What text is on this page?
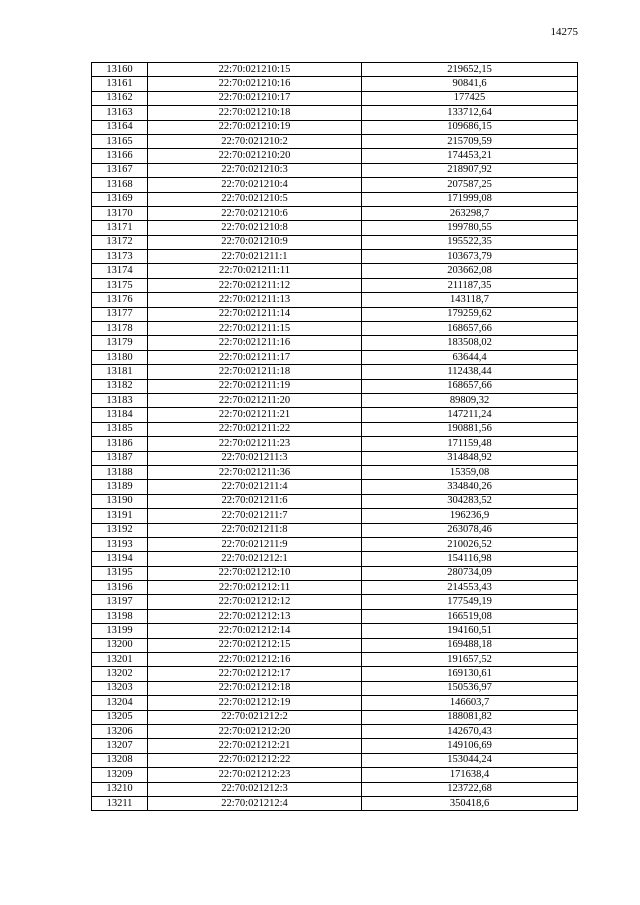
14275
13160	22:70:021210:15	219652,15
13161	22:70:021210:16	90841,6
13162	22:70:021210:17	177425
13163	22:70:021210:18	133712,64
13164	22:70:021210:19	109686,15
13165	22:70:021210:2	215709,59
13166	22:70:021210:20	174453,21
13167	22:70:021210:3	218907,92
13168	22:70:021210:4	207587,25
13169	22:70:021210:5	171999,08
13170	22:70:021210:6	263298,7
13171	22:70:021210:8	199780,55
13172	22:70:021210:9	195522,35
13173	22:70:021211:1	103673,79
13174	22:70:021211:11	203662,08
13175	22:70:021211:12	211187,35
13176	22:70:021211:13	143118,7
13177	22:70:021211:14	179259,62
13178	22:70:021211:15	168657,66
13179	22:70:021211:16	183508,02
13180	22:70:021211:17	63644,4
13181	22:70:021211:18	112438,44
13182	22:70:021211:19	168657,66
13183	22:70:021211:20	89809,32
13184	22:70:021211:21	147211,24
13185	22:70:021211:22	190881,56
13186	22:70:021211:23	171159,48
13187	22:70:021211:3	314848,92
13188	22:70:021211:36	15359,08
13189	22:70:021211:4	334840,26
13190	22:70:021211:6	304283,52
13191	22:70:021211:7	196236,9
13192	22:70:021211:8	263078,46
13193	22:70:021211:9	210026,52
13194	22:70:021212:1	154116,98
13195	22:70:021212:10	280734,09
13196	22:70:021212:11	214553,43
13197	22:70:021212:12	177549,19
13198	22:70:021212:13	166519,08
13199	22:70:021212:14	194160,51
13200	22:70:021212:15	169488,18
13201	22:70:021212:16	191657,52
13202	22:70:021212:17	169130,61
13203	22:70:021212:18	150536,97
13204	22:70:021212:19	146603,7
13205	22:70:021212:2	188081,82
13206	22:70:021212:20	142670,43
13207	22:70:021212:21	149106,69
13208	22:70:021212:22	153044,24
13209	22:70:021212:23	171638,4
13210	22:70:021212:3	123722,68
13211	22:70:021212:4	350418,6
